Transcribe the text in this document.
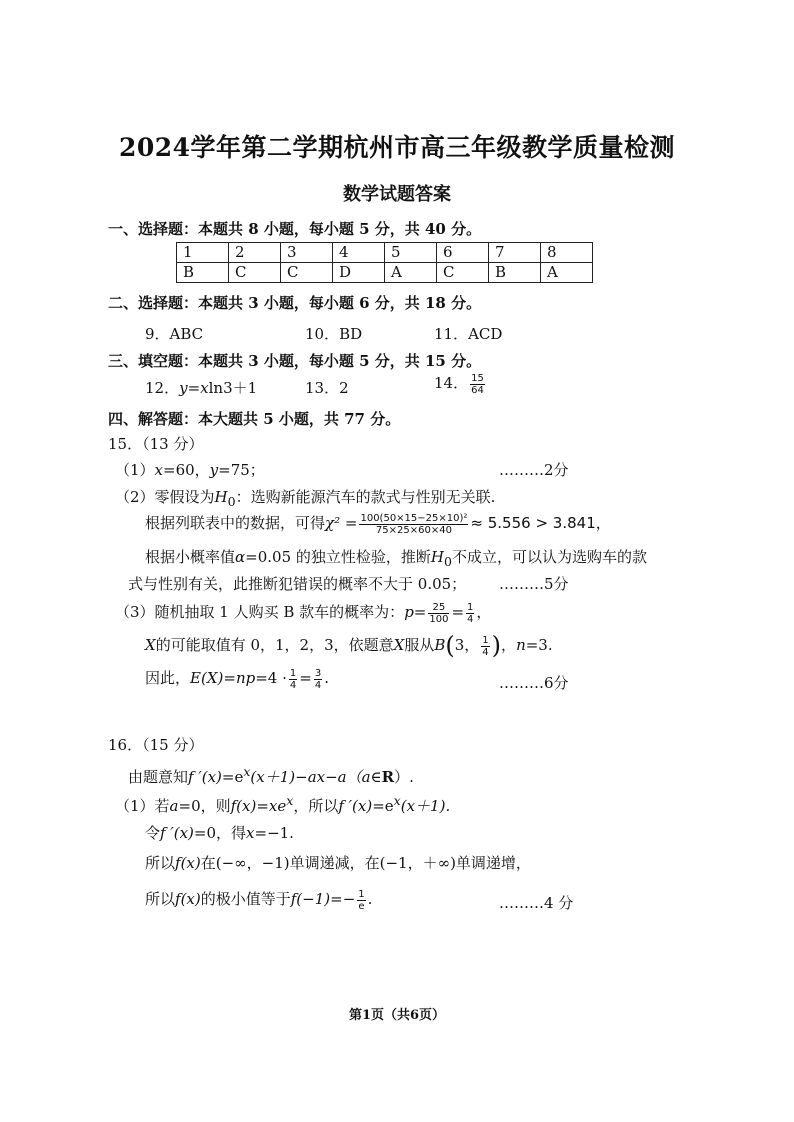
2024学年第二学期杭州市高三年级教学质量检测
数学试题答案
一、选择题：本题共 8 小题，每小题 5 分，共 40 分。
1	2	3	4	5	6	7	8
B	C	C	D	A	C	B	A
二、选择题：本题共 3 小题，每小题 6 分，共 18 分。
9．ABC	10．BD	11．ACD
三、填空题：本题共 3 小题，每小题 5 分，共 15 分。
12．y=xln3＋1	13．2	14． $\frac{15}{64}$
四、解答题：本大题共 5 小题，共 77 分。
15．（13 分）
（1）x=60，y=75；	………2分
（2）零假设为$H_0$：选购新能源汽车的款式与性别无关联.
根据列联表中的数据，可得$\chi^2 = \frac{\text{100(50×15−25×10)²}}{75\times 25\times 60\times 40} \approx 5.556 > 3.841$，
根据小概率值α=0.05 的独立性检验，推断$H_0$不成立，可以认为选购车的款
式与性别有关，此推断犯错误的概率不大于 0.05； ………5分
（3）随机抽取 1 人购买 B 款车的概率为：$p= \frac{25}{100} = \frac{1}{4}$ ，
X的可能取值有 0，1，2，3，依题意X服从B(3， $\frac{1}{4}$ )，n=3.
因此，$E(X)=np=4 \cdot \frac{1}{4} = \frac{3}{4}$ .	………6分
16．（15 分）
由题意知f $'(x)=e^x(x+1)-ax-a(a\in R)$.
（1）若a=0，则$f(x)=xe^x$，所以f $'(x)=e^x(x+1)$.
令f ′(x)=0，得x=−1.
所以f(x)在(−∞，−1)单调递减，在(−1，＋∞)单调递增，
所以f(x)的极小值等于$f(-1)=- \frac{1}{e}$ .	………4 分
第1页（共6页）
